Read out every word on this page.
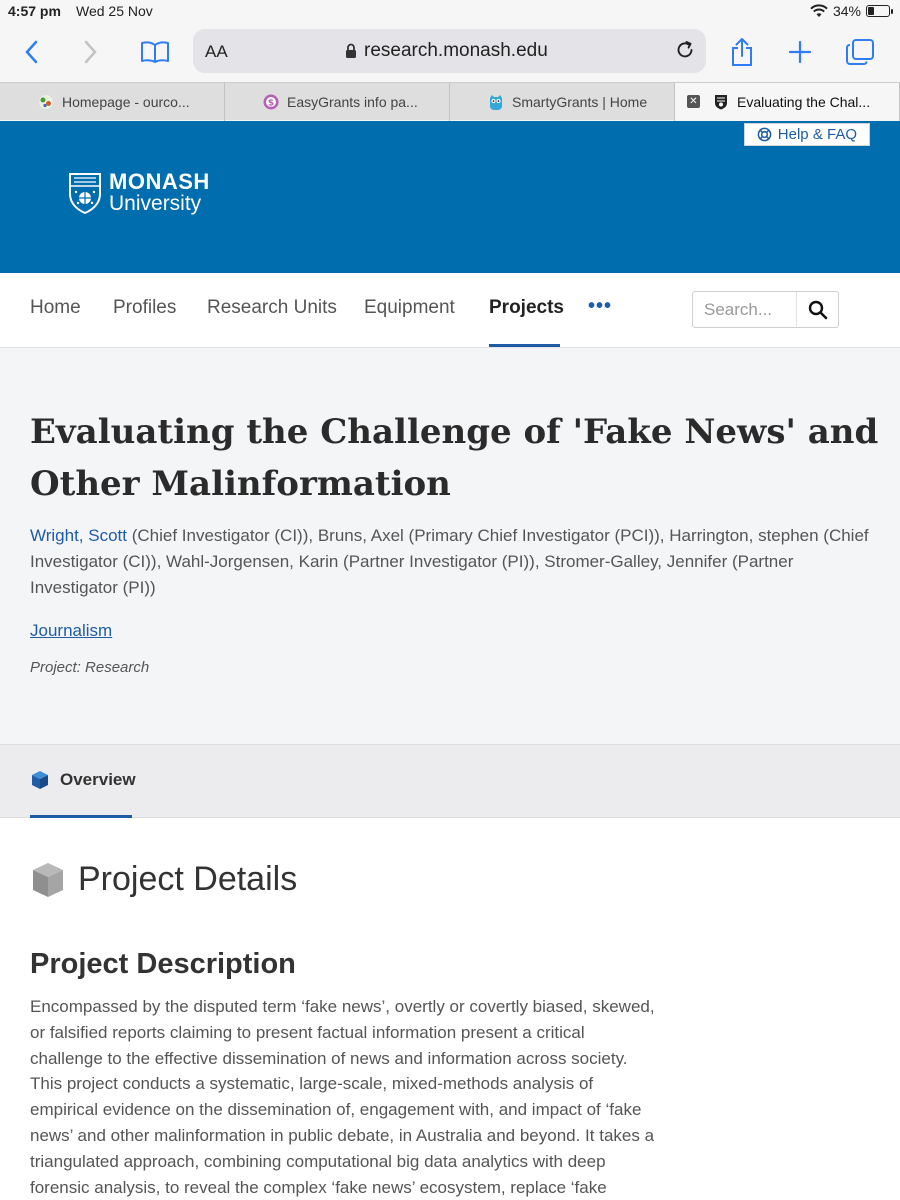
4:57 pm Wed 25 Nov	34%
AA	research.monash.edu
Homepage - ourco...	$ EasyGrants info pa...	SmartyGrants | Home	✕	Evaluating the Chal...
Help & FAQ
MONASH
University
Home Profiles Research Units Equipment Projects •••
Search...
Evaluating the Challenge of 'Fake News' and Other Malinformation

Wright, Scott (Chief Investigator (CI)), Bruns, Axel (Primary Chief Investigator (PCI)), Harrington, stephen (Chief Investigator (CI)), Wahl-Jorgensen, Karin (Partner Investigator (PI)), Stromer-Galley, Jennifer (Partner Investigator (PI))

Journalism
Project: Research
Overview
Project Details
Project Description

Encompassed by the disputed term ‘fake news’, overtly or covertly biased, skewed, or falsified reports claiming to present factual information present a critical challenge to the effective dissemination of news and information across society. This project conducts a systematic, large-scale, mixed-methods analysis of empirical evidence on the dissemination of, engagement with, and impact of ‘fake news’ and other malinformation in public debate, in Australia and beyond. It takes a triangulated approach, combining computational big data analytics with deep forensic analysis, to reveal the complex ‘fake news’ ecosystem, replace ‘fake
